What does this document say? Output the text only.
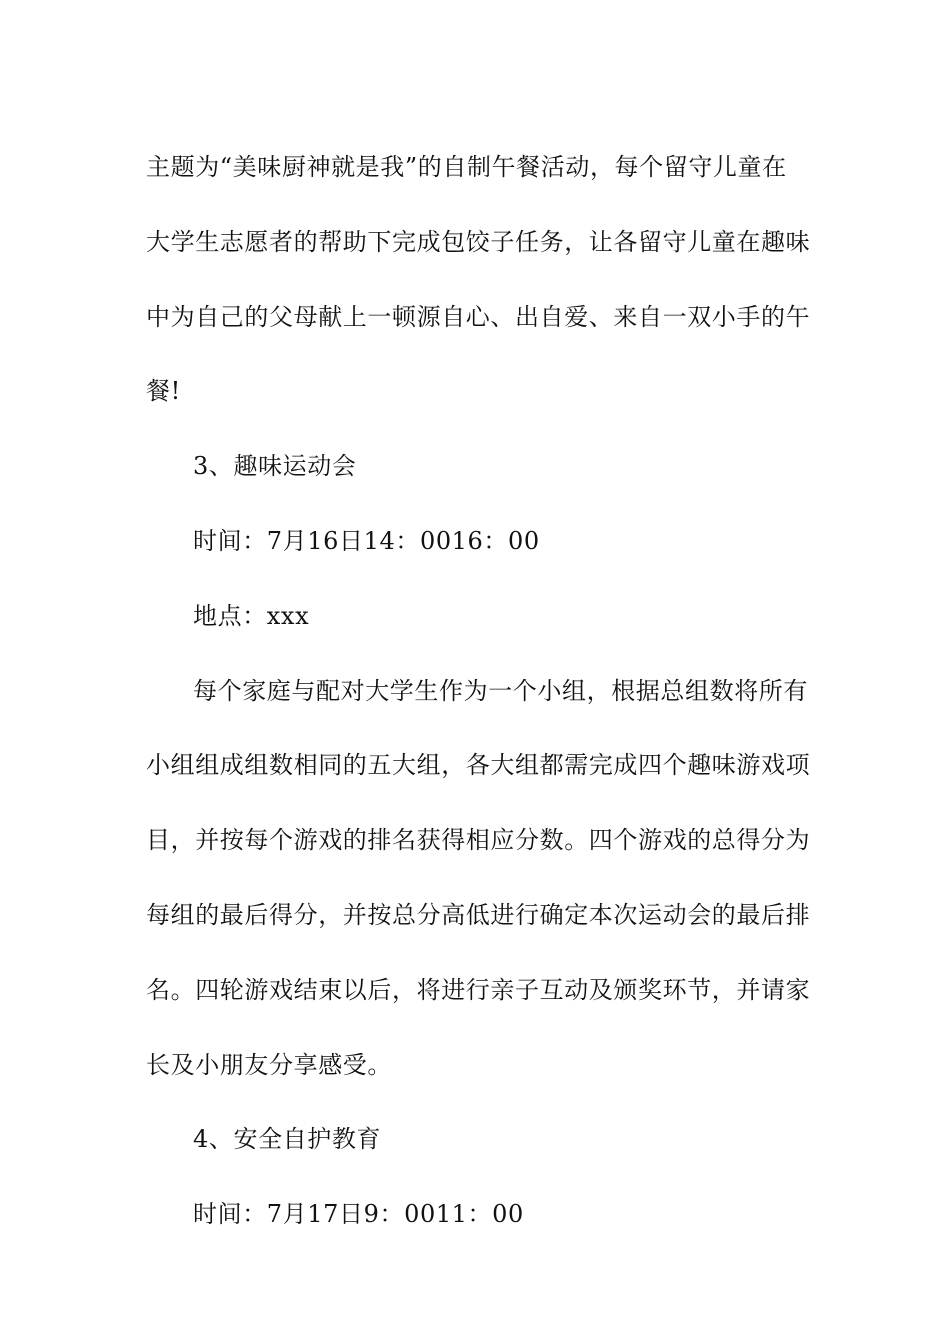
主题为“美味厨神就是我”的自制午餐活动，每个留守儿童在
大学生志愿者的帮助下完成包饺子任务，让各留守儿童在趣味
中为自己的父母献上一顿源自心、出自爱、来自一双小手的午
餐!
3、趣味运动会
时间：7月16日14：0016：00
地点：xxx
每个家庭与配对大学生作为一个小组，根据总组数将所有
小组组成组数相同的五大组，各大组都需完成四个趣味游戏项
目，并按每个游戏的排名获得相应分数。四个游戏的总得分为
每组的最后得分，并按总分高低进行确定本次运动会的最后排
名。四轮游戏结束以后，将进行亲子互动及颁奖环节，并请家
长及小朋友分享感受。
4、安全自护教育
时间：7月17日9：0011：00
